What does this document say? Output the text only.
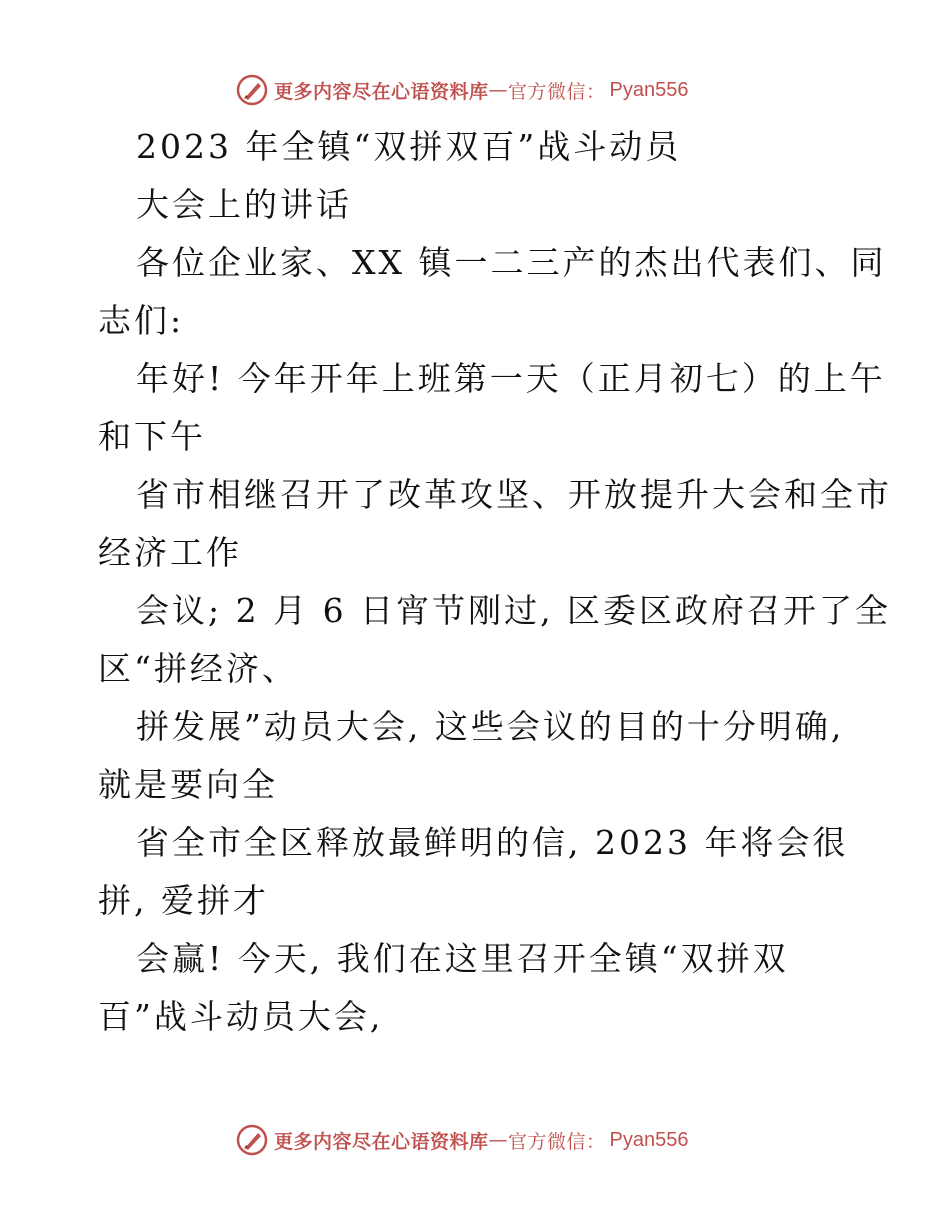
更多内容尽在心语资料库 — 官方微信： Pyan556
2023 年全镇“双拼双百”战斗动员
大会上的讲话
各位企业家、XX 镇一二三产的杰出代表们、同
志们:
年好! 今年开年上班第一天（正月初七）的上午
和下午
省市相继召开了改革攻坚、开放提升大会和全市
经济工作
会议; 2 月 6 日宵节刚过, 区委区政府召开了全
区“拼经济、
拼发展”动员大会, 这些会议的目的十分明确,
就是要向全
省全市全区释放最鲜明的信, 2023 年将会很
拼, 爱拼才
会赢! 今天, 我们在这里召开全镇“双拼双
百”战斗动员大会,
更多内容尽在心语资料库 — 官方微信： Pyan556
